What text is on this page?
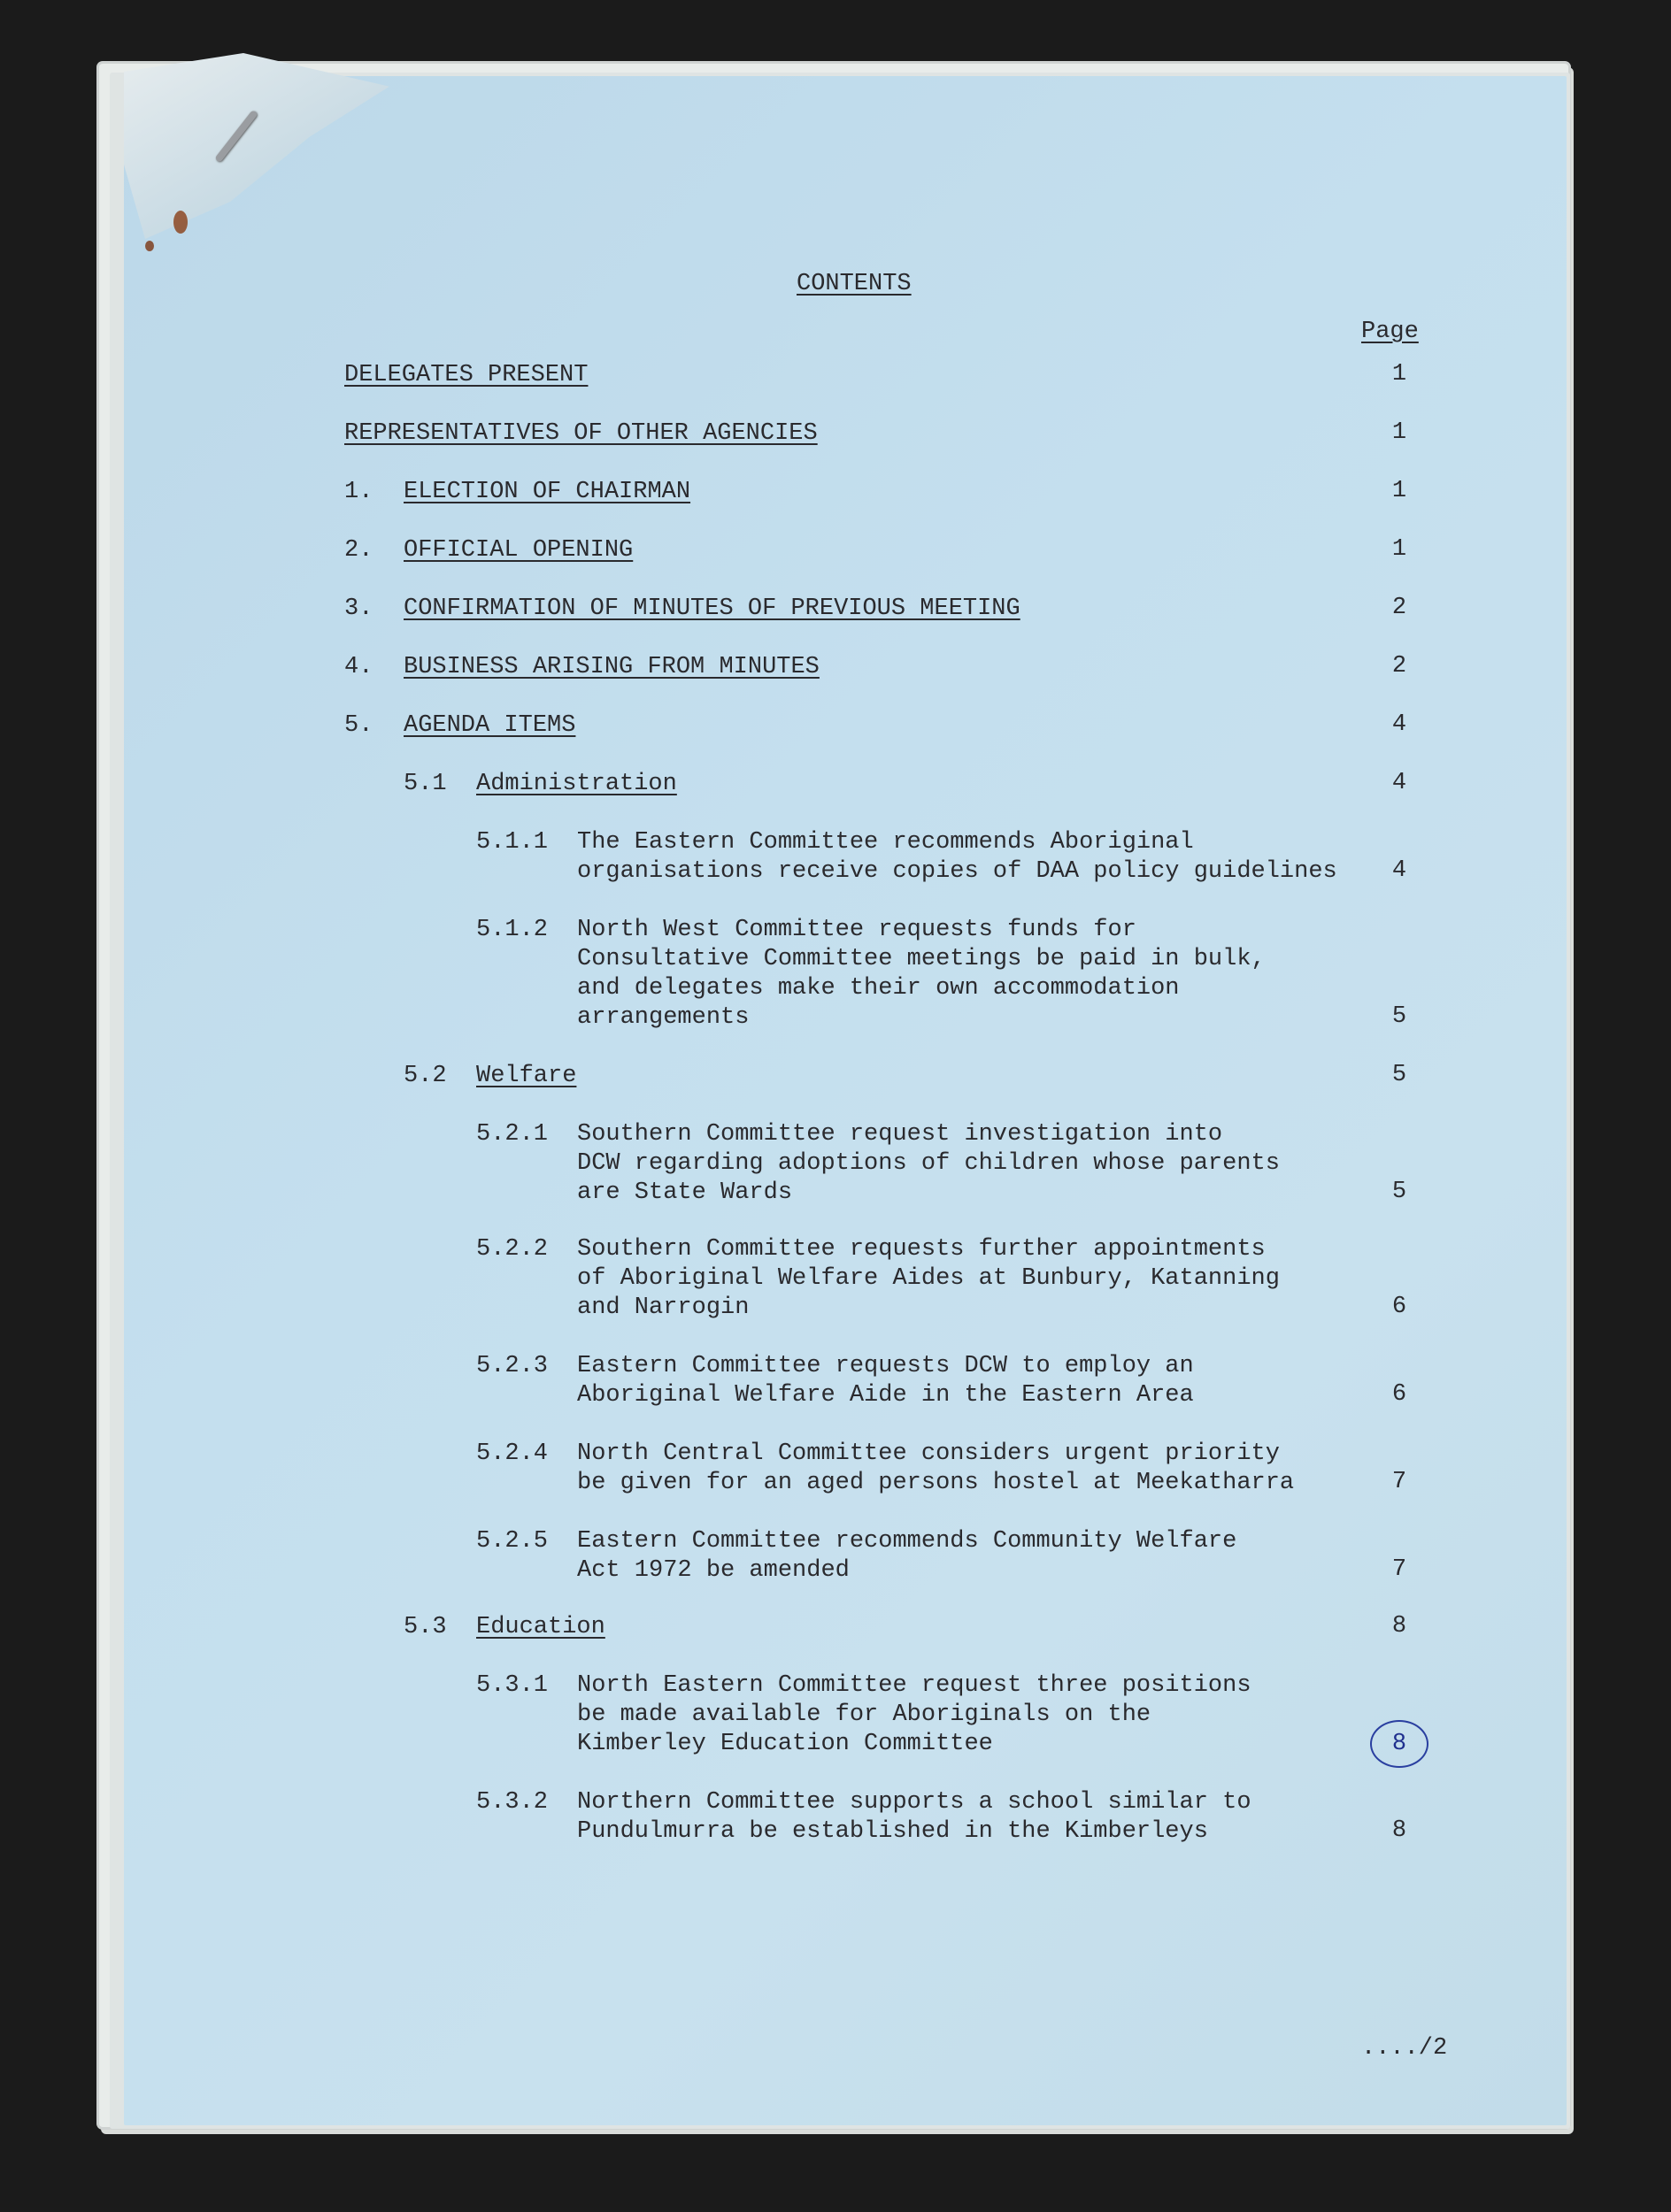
CONTENTS
Page
DELEGATES PRESENT	1
REPRESENTATIVES OF OTHER AGENCIES	1
1. ELECTION OF CHAIRMAN	1
2. OFFICIAL OPENING	1
3. CONFIRMATION OF MINUTES OF PREVIOUS MEETING	2
4. BUSINESS ARISING FROM MINUTES	2
5. AGENDA ITEMS	4
5.1 Administration	4
5.1.1 The Eastern Committee recommends Aboriginal
organisations receive copies of DAA policy guidelines	4
5.1.2 North West Committee requests funds for
Consultative Committee meetings be paid in bulk,
and delegates make their own accommodation
arrangements	5
5.2 Welfare	5
5.2.1 Southern Committee request investigation into
DCW regarding adoptions of children whose parents
are State Wards	5
5.2.2 Southern Committee requests further appointments
of Aboriginal Welfare Aides at Bunbury, Katanning
and Narrogin	6
5.2.3 Eastern Committee requests DCW to employ an
Aboriginal Welfare Aide in the Eastern Area	6
5.2.4 North Central Committee considers urgent priority
be given for an aged persons hostel at Meekatharra	7
5.2.5 Eastern Committee recommends Community Welfare
Act 1972 be amended	7
5.3 Education	8
5.3.1 North Eastern Committee request three positions
be made available for Aboriginals on the
Kimberley Education Committee	8
5.3.2 Northern Committee supports a school similar to
Pundulmurra be established in the Kimberleys	8
..../2
